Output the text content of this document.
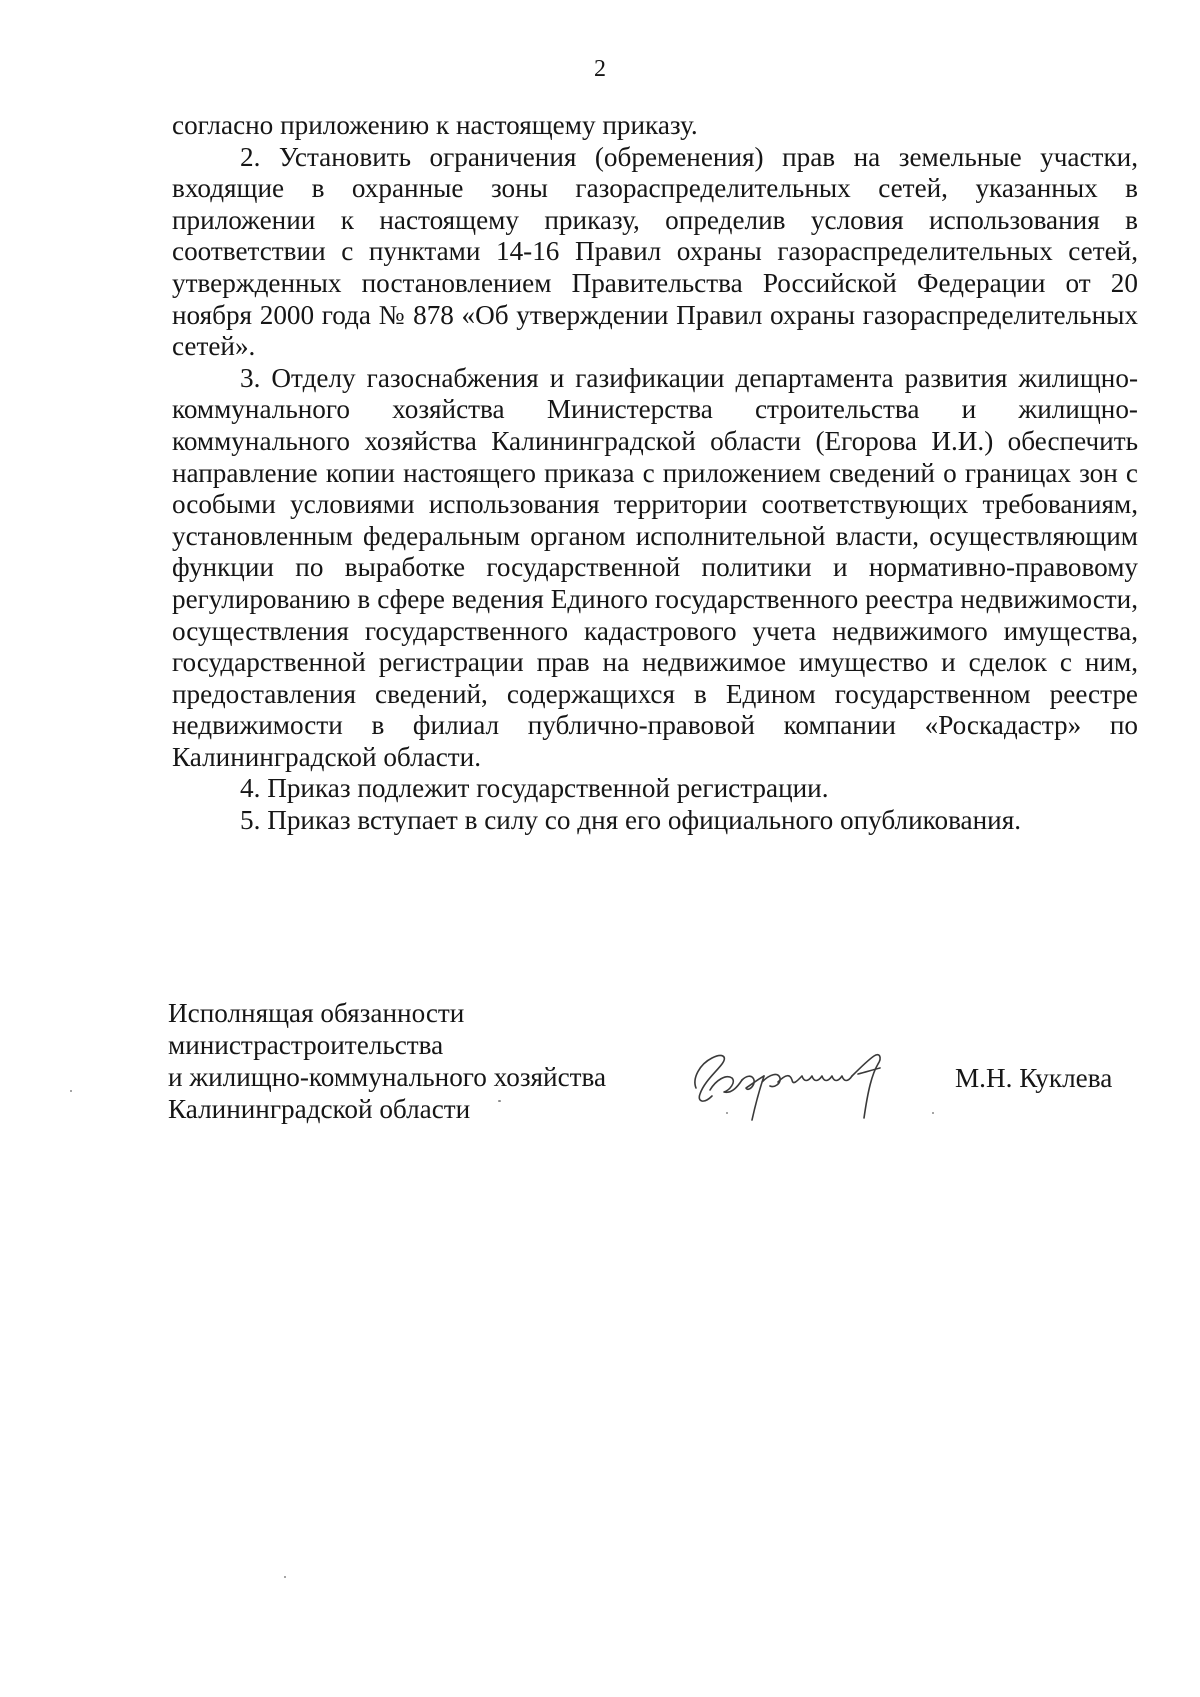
2

согласно приложению к настоящему приказу.

2. Установить ограничения (обременения) прав на земельные участки, входящие в охранные зоны газораспределительных сетей, указанных в приложении к настоящему приказу, определив условия использования в соответствии с пунктами 14-16 Правил охраны газораспределительных сетей, утвержденных постановлением Правительства Российской Федерации от 20 ноября 2000 года № 878 «Об утверждении Правил охраны газораспределительных сетей».

3. Отделу газоснабжения и газификации департамента развития жилищно-коммунального хозяйства Министерства строительства и жилищно-коммунального хозяйства Калининградской области (Егорова И.И.) обеспечить направление копии настоящего приказа с приложением сведений о границах зон с особыми условиями использования территории соответствующих требованиям, установленным федеральным органом исполнительной власти, осуществляющим функции по выработке государственной политики и нормативно-правовому регулированию в сфере ведения Единого государственного реестра недвижимости, осуществления государственного кадастрового учета недвижимого имущества, государственной регистрации прав на недвижимое имущество и сделок с ним, предоставления сведений, содержащихся в Едином государственном реестре недвижимости в филиал публично-правовой компании «Роскадастр» по Калининградской области.

4. Приказ подлежит государственной регистрации.

5. Приказ вступает в силу со дня его официального опубликования.

Исполнящая обязанности
министрастроительства
и жилищно-коммунального хозяйства
Калининградской области
М.Н. Куклева
